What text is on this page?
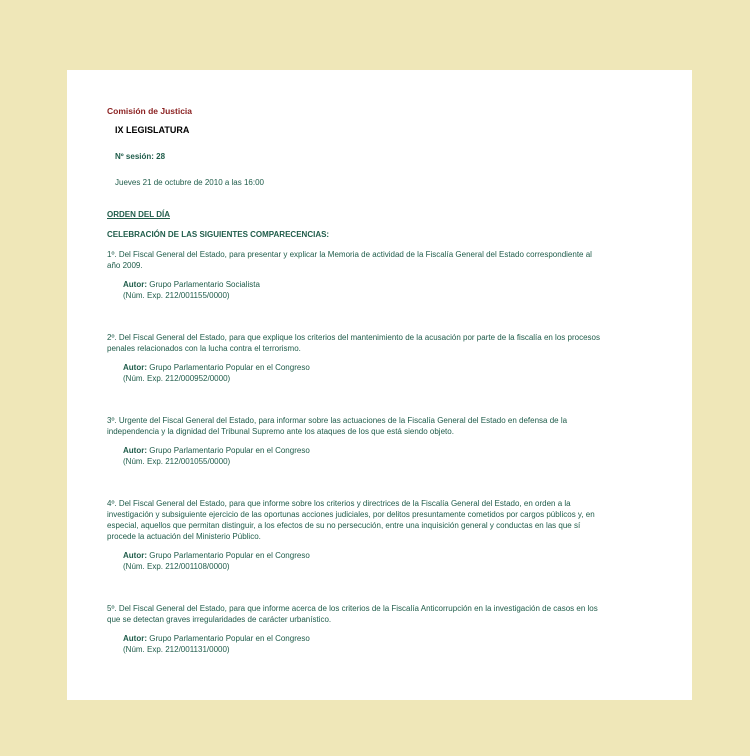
Comisión de Justicia
IX LEGISLATURA
Nº sesión: 28
Jueves 21 de octubre de 2010 a las 16:00
ORDEN DEL DÍA
CELEBRACIÓN DE LAS SIGUIENTES COMPARECENCIAS:
1º. Del Fiscal General del Estado, para presentar y explicar la Memoria de actividad de la Fiscalía General del Estado correspondiente al año 2009.
Autor: Grupo Parlamentario Socialista
(Núm. Exp. 212/001155/0000)
2º. Del Fiscal General del Estado, para que explique los criterios del mantenimiento de la acusación por parte de la fiscalía en los procesos penales relacionados con la lucha contra el terrorismo.
Autor: Grupo Parlamentario Popular en el Congreso
(Núm. Exp. 212/000952/0000)
3º. Urgente del Fiscal General del Estado, para informar sobre las actuaciones de la Fiscalía General del Estado en defensa de la independencia y la dignidad del Tribunal Supremo ante los ataques de los que está siendo objeto.
Autor: Grupo Parlamentario Popular en el Congreso
(Núm. Exp. 212/001055/0000)
4º. Del Fiscal General del Estado, para que informe sobre los criterios y directrices de la Fiscalía General del Estado, en orden a la investigación y subsiguiente ejercicio de las oportunas acciones judiciales, por delitos presuntamente cometidos por cargos públicos y, en especial, aquellos que permitan distinguir, a los efectos de su no persecución, entre una inquisición general y conductas en las que sí procede la actuación del Ministerio Público.
Autor: Grupo Parlamentario Popular en el Congreso
(Núm. Exp. 212/001108/0000)
5º. Del Fiscal General del Estado, para que informe acerca de los criterios de la Fiscalía Anticorrupción en la investigación de casos en los que se detectan graves irregularidades de carácter urbanístico.
Autor: Grupo Parlamentario Popular en el Congreso
(Núm. Exp. 212/001131/0000)
